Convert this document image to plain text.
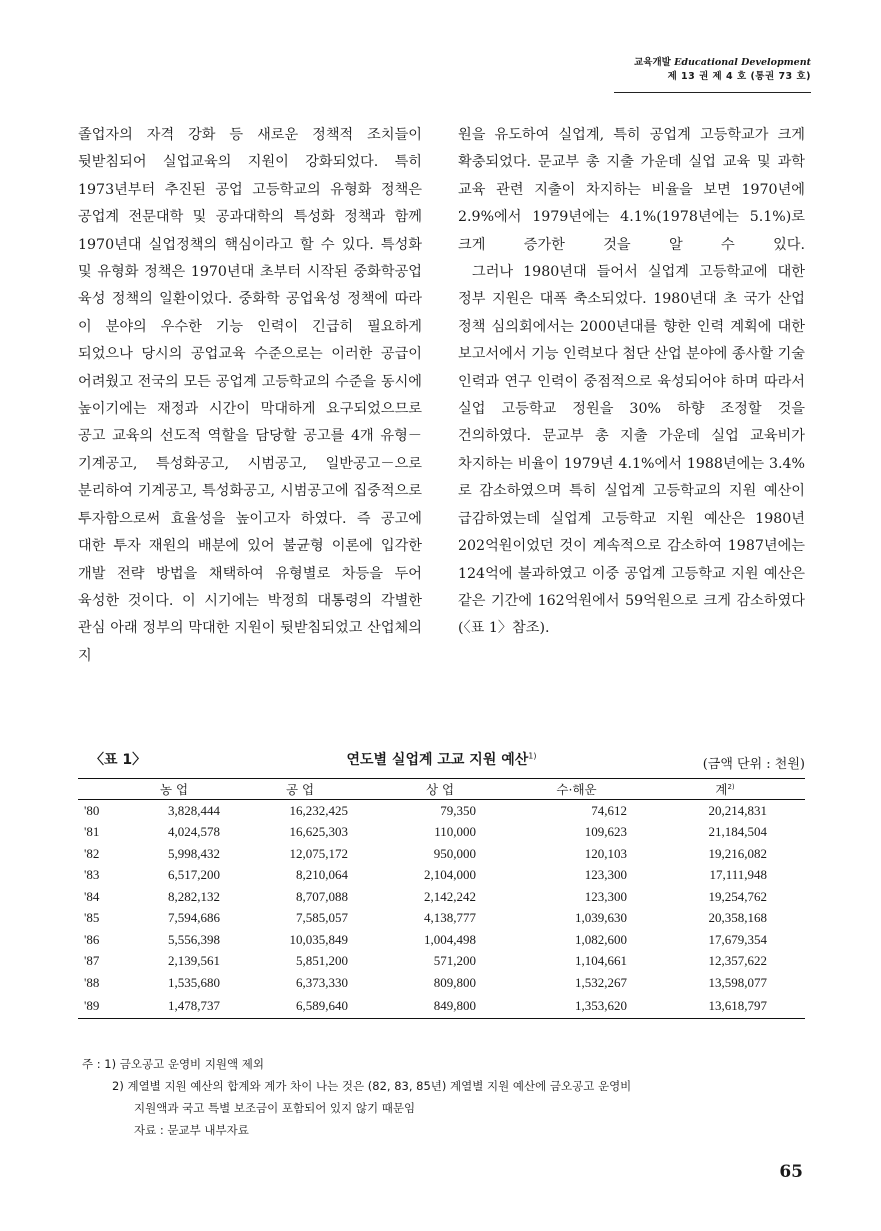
교육개발 Educational Development
제 13 권 제 4 호 (통권 73 호)

졸업자의 자격 강화 등 새로운 정책적 조치들이 뒷받침되어 실업교육의 지원이 강화되었다. 특히 1973년부터 추진된 공업 고등학교의 유형화 정책은 공업계 전문대학 및 공과대학의 특성화 정책과 함께 1970년대 실업정책의 핵심이라고 할 수 있다. 특성화 및 유형화 정책은 1970년대 초부터 시작된 중화학공업 육성 정책의 일환이었다. 중화학 공업육성 정책에 따라 이 분야의 우수한 기능 인력이 긴급히 필요하게 되었으나 당시의 공업교육 수준으로는 이러한 공급이 어려웠고 전국의 모든 공업계 고등학교의 수준을 동시에 높이기에는 재정과 시간이 막대하게 요구되었으므로 공고 교육의 선도적 역할을 담당할 공고를 4개 유형－기계공고, 특성화공고, 시범공고, 일반공고－으로 분리하여 기계공고, 특성화공고, 시범공고에 집중적으로 투자함으로써 효율성을 높이고자 하였다. 즉 공고에 대한 투자 재원의 배분에 있어 불균형 이론에 입각한 개발 전략 방법을 채택하여 유형별로 차등을 두어 육성한 것이다. 이 시기에는 박정희 대통령의 각별한 관심 아래 정부의 막대한 지원이 뒷받침되었고 산업체의 지

원을 유도하여 실업계, 특히 공업계 고등학교가 크게 확충되었다. 문교부 총 지출 가운데 실업 교육 및 과학 교육 관련 지출이 차지하는 비율을 보면 1970년에 2.9%에서 1979년에는 4.1%(1978년에는 5.1%)로 크게 증가한 것을 알 수 있다.

그러나 1980년대 들어서 실업계 고등학교에 대한 정부 지원은 대폭 축소되었다. 1980년대 초 국가 산업 정책 심의회에서는 2000년대를 향한 인력 계획에 대한 보고서에서 기능 인력보다 첨단 산업 분야에 종사할 기술 인력과 연구 인력이 중점적으로 육성되어야 하며 따라서 실업 고등학교 정원을 30% 하향 조정할 것을 건의하였다. 문교부 총 지출 가운데 실업 교육비가 차지하는 비율이 1979년 4.1%에서 1988년에는 3.4%로 감소하였으며 특히 실업계 고등학교의 지원 예산이 급감하였는데 실업계 고등학교 지원 예산은 1980년 202억원이었던 것이 계속적으로 감소하여 1987년에는 124억에 불과하였고 이중 공업계 고등학교 지원 예산은 같은 기간에 162억원에서 59억원으로 크게 감소하였다(〈표 1〉참조).

〈표 1〉	연도별 실업계 고교 지원 예산$^{1)}$
(금액 단위 : 천원)
	농 업	공 업	상 업	수·해운	계$^{2)}$
'80	3,828,444	16,232,425	79,350	74,612	20,214,831
'81	4,024,578	16,625,303	110,000	109,623	21,184,504
'82	5,998,432	12,075,172	950,000	120,103	19,216,082
'83	6,517,200	8,210,064	2,104,000	123,300	17,111,948
'84	8,282,132	8,707,088	2,142,242	123,300	19,254,762
'85	7,594,686	7,585,057	4,138,777	1,039,630	20,358,168
'86	5,556,398	10,035,849	1,004,498	1,082,600	17,679,354
'87	2,139,561	5,851,200	571,200	1,104,661	12,357,622
'88	1,535,680	6,373,330	809,800	1,532,267	13,598,077
'89	1,478,737	6,589,640	849,800	1,353,620	13,618,797
주 : 1) 금오공고 운영비 지원액 제외
2) 계열별 지원 예산의 합계와 계가 차이 나는 것은 (82, 83, 85년) 계열별 지원 예산에 금오공고 운영비
지원액과 국고 특별 보조금이 포함되어 있지 않기 때문임
자료 : 문교부 내부자료
65
